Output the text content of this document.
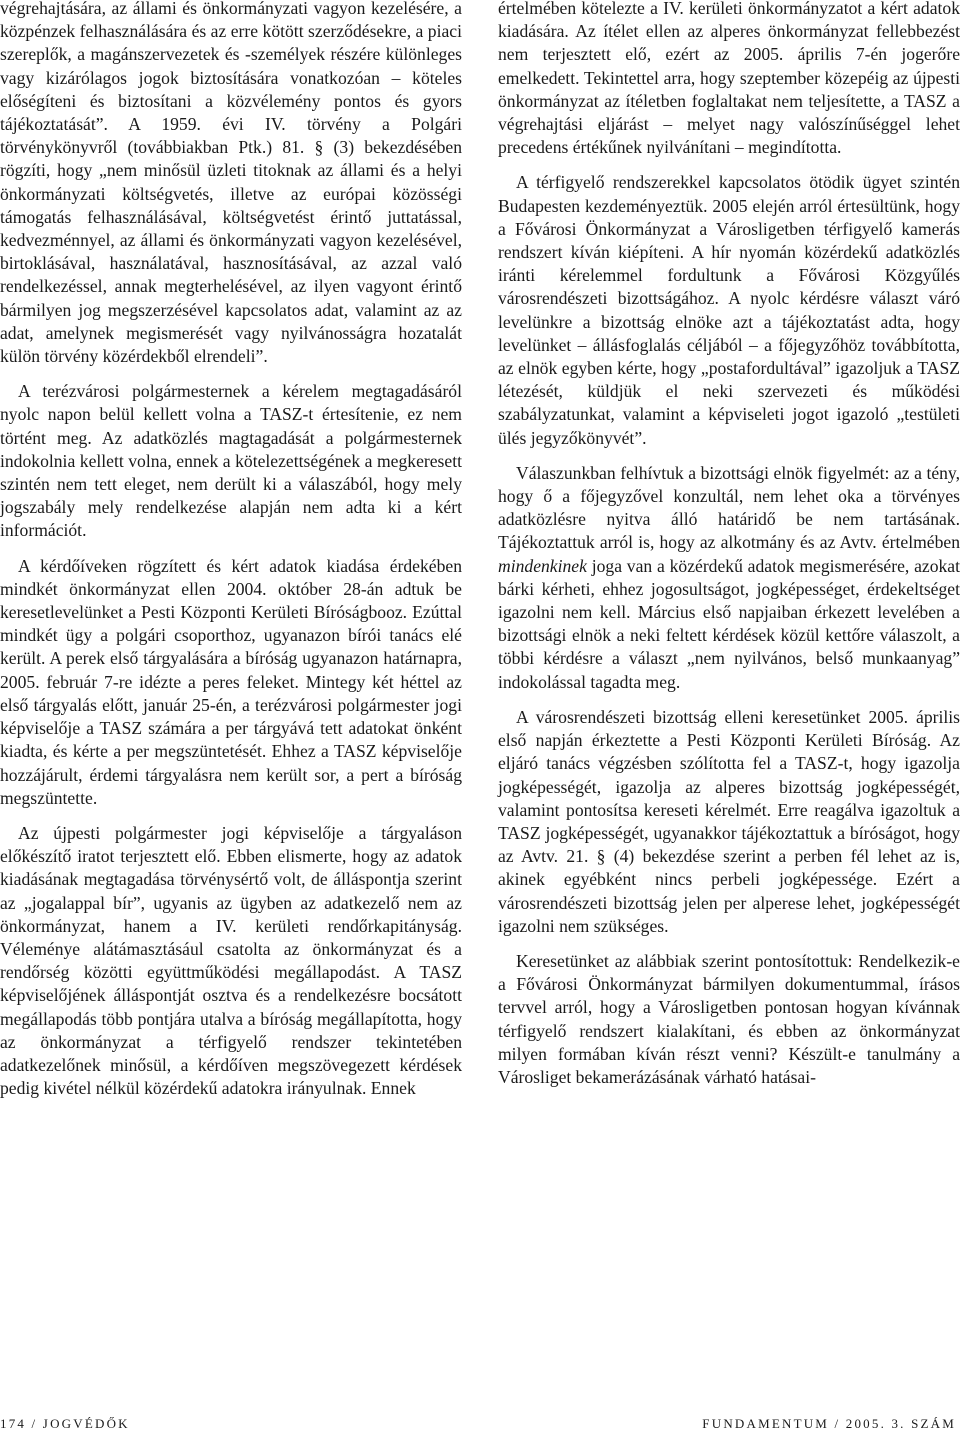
végrehajtására, az állami és önkormányzati vagyon kezelésére, a közpénzek felhasználására és az erre kötött szerződésekre, a piaci szereplők, a magánszervezetek és -személyek részére különleges vagy kizárólagos jogok biztosítására vonatkozóan – köteles előségíteni és biztosítani a közvélemény pontos és gyors tájékoztatását”. A 1959. évi IV. törvény a Polgári törvénykönyvről (továbbiakban Ptk.) 81. § (3) bekezdésében rögzíti, hogy „nem minősül üzleti titoknak az állami és a helyi önkormányzati költségvetés, illetve az európai közösségi támogatás felhasználásával, költségvetést érintő juttatással, kedvezménnyel, az állami és önkormányzati vagyon kezelésével, birtoklásával, használatával, hasznosításával, az azzal való rendelkezéssel, annak megterhelésével, az ilyen vagyont érintő bármilyen jog megszerzésével kapcsolatos adat, valamint az az adat, amelynek megismerését vagy nyilvánosságra hozatalát külön törvény közérdekből elrendeli”.

A terézvárosi polgármesternek a kérelem megtagadásáról nyolc napon belül kellett volna a TASZ-t értesítenie, ez nem történt meg. Az adatközlés magtagadását a polgármesternek indokolnia kellett volna, ennek a kötelezettségének a megkeresett szintén nem tett eleget, nem derült ki a válaszából, hogy mely jogszabály mely rendelkezése alapján nem adta ki a kért információt.

A kérdőíveken rögzített és kért adatok kiadása érdekében mindkét önkormányzat ellen 2004. október 28-án adtuk be keresetlevelünket a Pesti Központi Kerületi Bíróságbooz. Ezúttal mindkét ügy a polgári csoporthoz, ugyanazon bírói tanács elé került. A perek első tárgyalására a bíróság ugyanazon határnapra, 2005. február 7-re idézte a peres feleket. Mintegy két héttel az első tárgyalás előtt, január 25-én, a terézvárosi polgármester jogi képviselője a TASZ számára a per tárgyává tett adatokat önként kiadta, és kérte a per megszüntetését. Ehhez a TASZ képviselője hozzájárult, érdemi tárgyalásra nem került sor, a pert a bíróság megszüntette.

Az újpesti polgármester jogi képviselője a tárgyaláson előkészítő iratot terjesztett elő. Ebben elismerte, hogy az adatok kiadásának megtagadása törvénysértő volt, de álláspontja szerint az „jogalappal bír”, ugyanis az ügyben az adatkezelő nem az önkormányzat, hanem a IV. kerületi rendőrkapitányság. Véleménye alátámasztásául csatolta az önkormányzat és a rendőrség közötti együttműködési megállapodást. A TASZ képviselőjének álláspontját osztva és a rendelkezésre bocsátott megállapodás több pontjára utalva a bíróság megállapította, hogy az önkormányzat a térfigyelő rendszer tekintetében adatkezelőnek minősül, a kérdőíven megszövegezett kérdések pedig kivétel nélkül közérdekű adatokra irányulnak. Ennek

értelmében kötelezte a IV. kerületi önkormányzatot a kért adatok kiadására. Az ítélet ellen az alperes önkormányzat fellebbezést nem terjesztett elő, ezért az 2005. április 7-én jogerőre emelkedett. Tekintettel arra, hogy szeptember közepéig az újpesti önkormányzat az ítéletben foglaltakat nem teljesítette, a TASZ a végrehajtási eljárást – melyet nagy valószínűséggel lehet precedens értékűnek nyilvánítani – megindította.

A térfigyelő rendszerekkel kapcsolatos ötödik ügyet szintén Budapesten kezdeményeztük. 2005 elején arról értesültünk, hogy a Fővárosi Önkormányzat a Városligetben térfigyelő kamerás rendszert kíván kiépíteni. A hír nyomán közérdekű adatközlés iránti kérelemmel fordultunk a Fővárosi Közgyűlés városrendészeti bizottságához. A nyolc kérdésre választ váró levelünkre a bizottság elnöke azt a tájékoztatást adta, hogy levelünket – állásfoglalás céljából – a főjegyzőhöz továbbította, az elnök egyben kérte, hogy „postafordultával” igazoljuk a TASZ létezését, küldjük el neki szervezeti és működési szabályzatunkat, valamint a képviseleti jogot igazoló „testületi ülés jegyzőkönyvét”.

Válaszunkban felhívtuk a bizottsági elnök figyelmét: az a tény, hogy ő a főjegyzővel konzultál, nem lehet oka a törvényes adatközlésre nyitva álló határidő be nem tartásának. Tájékoztattuk arról is, hogy az alkotmány és az Avtv. értelmében mindenkinek joga van a közérdekű adatok megismerésére, azokat bárki kérheti, ehhez jogosultságot, jogképességet, érdekeltséget igazolni nem kell. Március első napjaiban érkezett levelében a bizottsági elnök a neki feltett kérdések közül kettőre válaszolt, a többi kérdésre a választ „nem nyilvános, belső munkaanyag” indokolással tagadta meg.

A városrendészeti bizottság elleni keresetünket 2005. április első napján érkeztette a Pesti Központi Kerületi Bíróság. Az eljáró tanács végzésben szólította fel a TASZ-t, hogy igazolja jogképességét, igazolja az alperes bizottság jogképességét, valamint pontosítsa kereseti kérelmét. Erre reagálva igazoltuk a TASZ jogképességét, ugyanakkor tájékoztattuk a bíróságot, hogy az Avtv. 21. § (4) bekezdése szerint a perben fél lehet az is, akinek egyébként nincs perbeli jogképessége. Ezért a városrendészeti bizottság jelen per alperese lehet, jogképességét igazolni nem szükséges.

Keresetünket az alábbiak szerint pontosítottuk: Rendelkezik-e a Fővárosi Önkormányzat bármilyen dokumentummal, írásos tervvel arról, hogy a Városligetben pontosan hogyan kívánnak térfigyelő rendszert kialakítani, és ebben az önkormányzat milyen formában kíván részt venni? Készült-e tanulmány a Városliget bekamerázásának várható hatásai-

174 / JOGVÉDŐK	FUNDAMENTUM / 2005. 3. SZÁM
